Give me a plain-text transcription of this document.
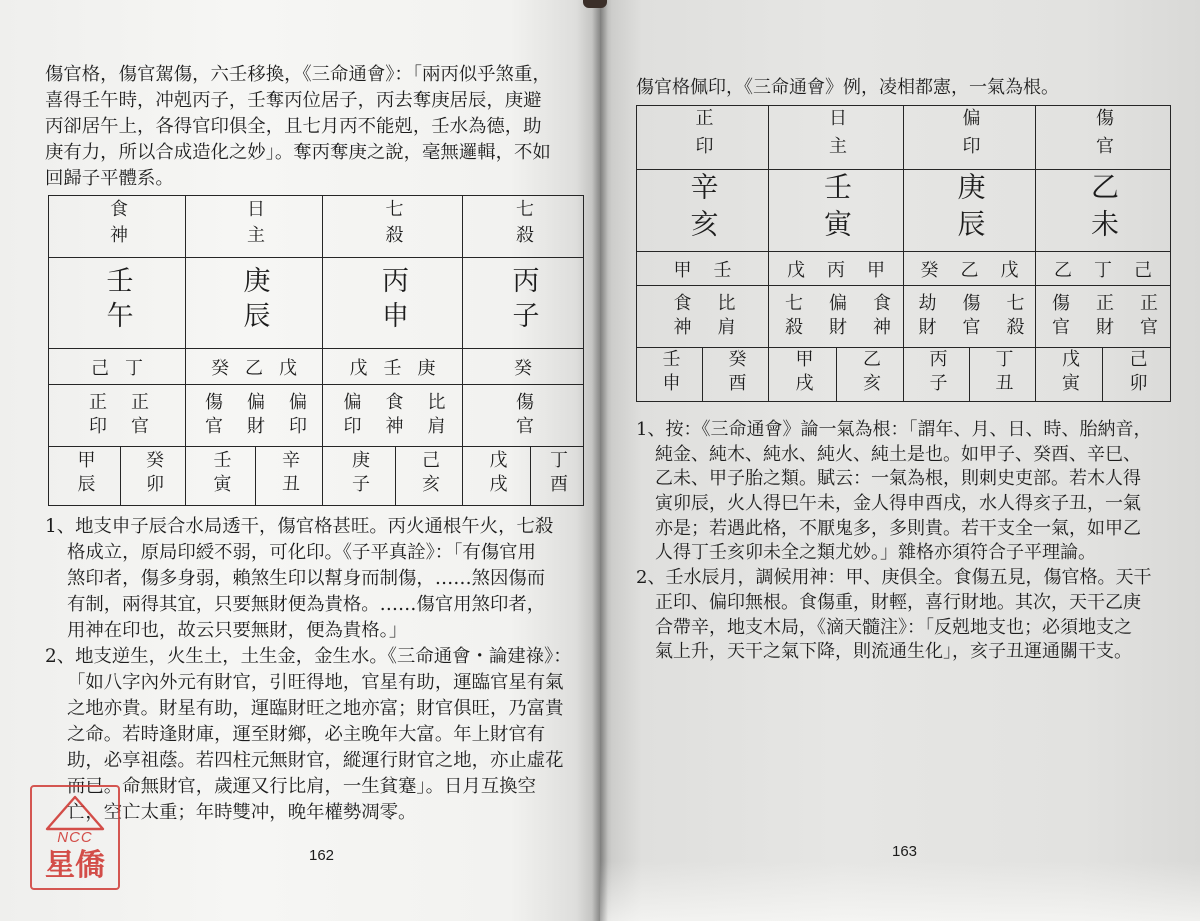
傷官格，傷官駕傷，六壬移換，《三命通會》：「兩丙似乎煞重，
喜得壬午時，冲剋丙子，壬奪丙位居子，丙去奪庚居辰，庚避
丙卻居午上，各得官印俱全，且七月丙不能剋，壬水為德，助
庚有力，所以合成造化之妙」。奪丙奪庚之說，毫無邏輯，不如
回歸子平體系。
食神		日主		七殺		七殺	
壬午		庚辰		丙申		丙子	

己 丁		癸 乙 戊		戊 壬 庚		癸	

正印 正官		傷官 偏財 偏印		偏印 食神 比肩		傷官	

甲辰	癸卯	壬寅	辛丑	庚子	己亥	戊戌	丁酉
1、地支申子辰合水局透干，傷官格甚旺。丙火通根午火，七殺
格成立，原局印綬不弱，可化印。《子平真詮》：「有傷官用
煞印者，傷多身弱，賴煞生印以幫身而制傷，……煞因傷而
有制，兩得其宜，只要無財便為貴格。……傷官用煞印者，
用神在印也，故云只要無財，便為貴格。」
2、地支逆生，火生土，土生金，金生水。《三命通會・論建祿》：
「如八字內外元有財官，引旺得地，官星有助，運臨官星有氣
之地亦貴。財星有助，運臨財旺之地亦富；財官俱旺，乃富貴
之命。若時逢財庫，運至財鄉，必主晚年大富。年上財官有
助，必享祖蔭。若四柱元無財官，縱運行財官之地，亦止虛花
而已。命無財官，歲運又行比肩，一生貧蹇」。日月互換空
亡，空亡太重；年時雙冲，晚年權勢凋零。
162
傷官格佩印，《三命通會》例，凌相都憲，一氣為根。
正印		日主		偏印		傷官	
辛亥		壬寅		庚辰		乙未	

甲 壬		戊 丙 甲		癸 乙 戊		乙 丁 己	

食神 比肩		七殺 偏財 食神		劫財 傷官 七殺		傷官 正財 正官	

壬申	癸酉	甲戌	乙亥	丙子	丁丑	戊寅	己卯
1、按：《三命通會》論一氣為根：「謂年、月、日、時、胎納音，
純金、純木、純水、純火、純土是也。如甲子、癸酉、辛巳、
乙未、甲子胎之類。賦云：一氣為根，則刺史吏部。若木人得
寅卯辰，火人得巳午未，金人得申酉戌，水人得亥子丑，一氣
亦是；若遇此格，不厭鬼多，多則貴。若干支全一氣，如甲乙
人得丁壬亥卯未全之類尤妙。」雜格亦須符合子平理論。
2、壬水辰月，調候用神：甲、庚俱全。食傷五見，傷官格。天干
正印、偏印無根。食傷重，財輕，喜行財地。其次，天干乙庚
合帶辛，地支木局，《滴天髓注》：「反剋地支也；必須地支之
氣上升，天干之氣下降，則流通生化」，亥子丑運通關干支。
163
NCC
星僑
